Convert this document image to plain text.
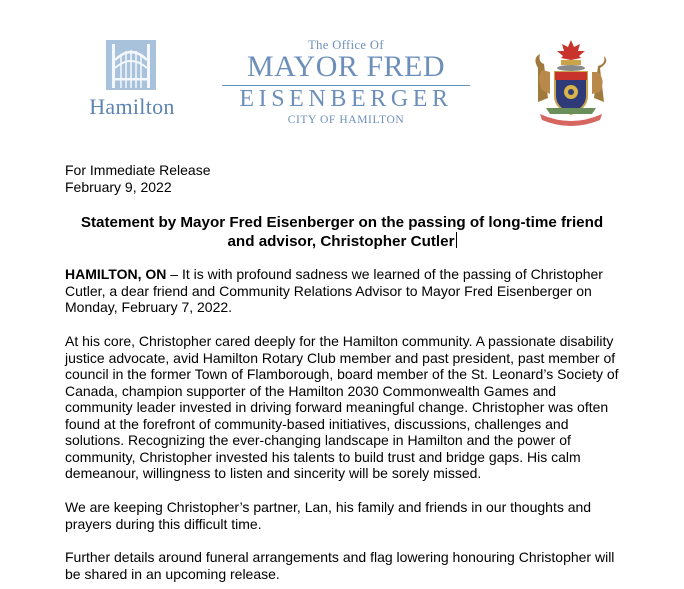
Hamilton
The Office Of
MAYOR FRED
EISENBERGER
CITY OF HAMILTON

For Immediate Release

February 9, 2022

Statement by Mayor Fred Eisenberger on the passing of long-time friend and advisor, Christopher Cutler

HAMILTON, ON – It is with profound sadness we learned of the passing of Christopher Cutler, a dear friend and Community Relations Advisor to Mayor Fred Eisenberger on Monday, February 7, 2022.

At his core, Christopher cared deeply for the Hamilton community. A passionate disability justice advocate, avid Hamilton Rotary Club member and past president, past member of council in the former Town of Flamborough, board member of the St. Leonard’s Society of Canada, champion supporter of the Hamilton 2030 Commonwealth Games and community leader invested in driving forward meaningful change. Christopher was often found at the forefront of community-based initiatives, discussions, challenges and solutions. Recognizing the ever-changing landscape in Hamilton and the power of community, Christopher invested his talents to build trust and bridge gaps. His calm demeanour, willingness to listen and sincerity will be sorely missed.

We are keeping Christopher’s partner, Lan, his family and friends in our thoughts and prayers during this difficult time.

Further details around funeral arrangements and flag lowering honouring Christopher will be shared in an upcoming release.
